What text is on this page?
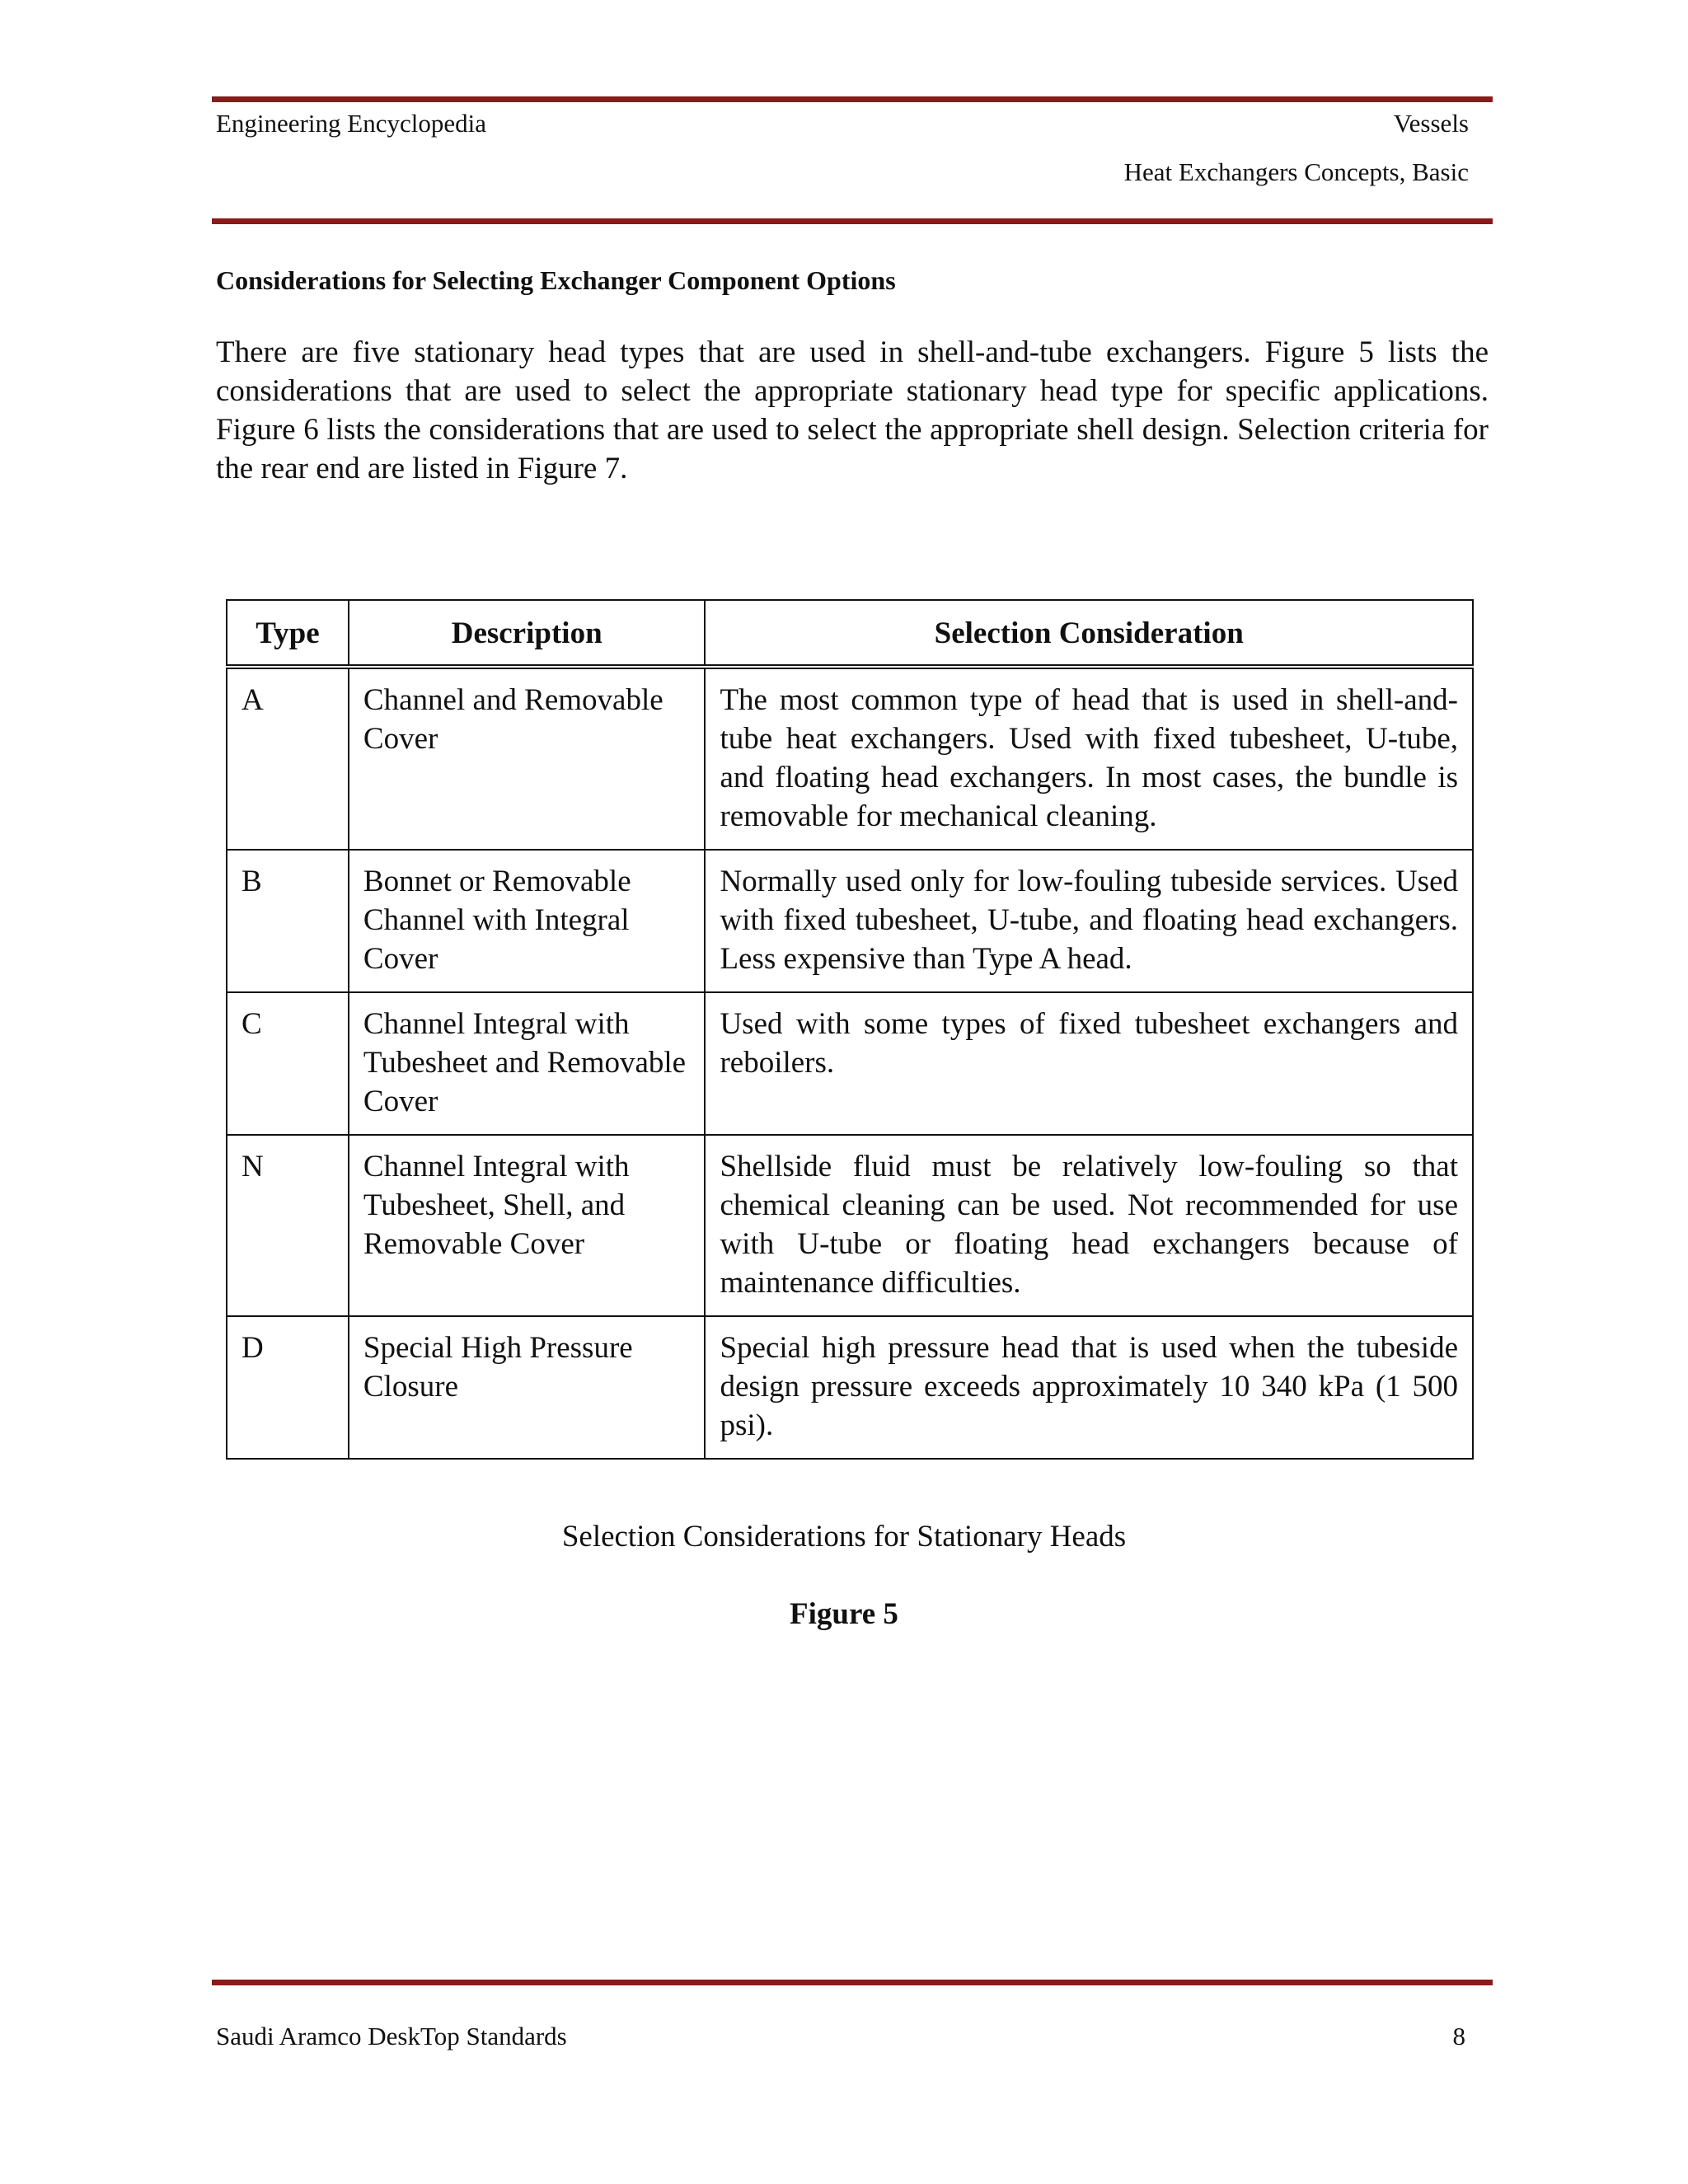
Engineering Encyclopedia	Vessels
Heat Exchangers Concepts, Basic
Considerations for Selecting Exchanger Component Options

There are five stationary head types that are used in shell-and-tube exchangers. Figure 5 lists the considerations that are used to select the appropriate stationary head type for specific applications. Figure 6 lists the considerations that are used to select the appropriate shell design. Selection criteria for the rear end are listed in Figure 7.

Type	Description	Selection Consideration
A	Channel and Removable Cover	The most common type of head that is used in shell-and-tube heat exchangers. Used with fixed tubesheet, U-tube, and floating head exchangers. In most cases, the bundle is removable for mechanical cleaning.
B	Bonnet or Removable Channel with Integral Cover	Normally used only for low-fouling tubeside services. Used with fixed tubesheet, U-tube, and floating head exchangers. Less expensive than Type A head.
C	Channel Integral with Tubesheet and Removable Cover	Used with some types of fixed tubesheet exchangers and reboilers.
N	Channel Integral with Tubesheet, Shell, and Removable Cover	Shellside fluid must be relatively low-fouling so that chemical cleaning can be used. Not recommended for use with U-tube or floating head exchangers because of maintenance difficulties.
D	Special High Pressure Closure	Special high pressure head that is used when the tubeside design pressure exceeds approximately 10 340 kPa (1 500 psi).
Selection Considerations for Stationary Heads
Figure 5
Saudi Aramco DeskTop Standards	8
